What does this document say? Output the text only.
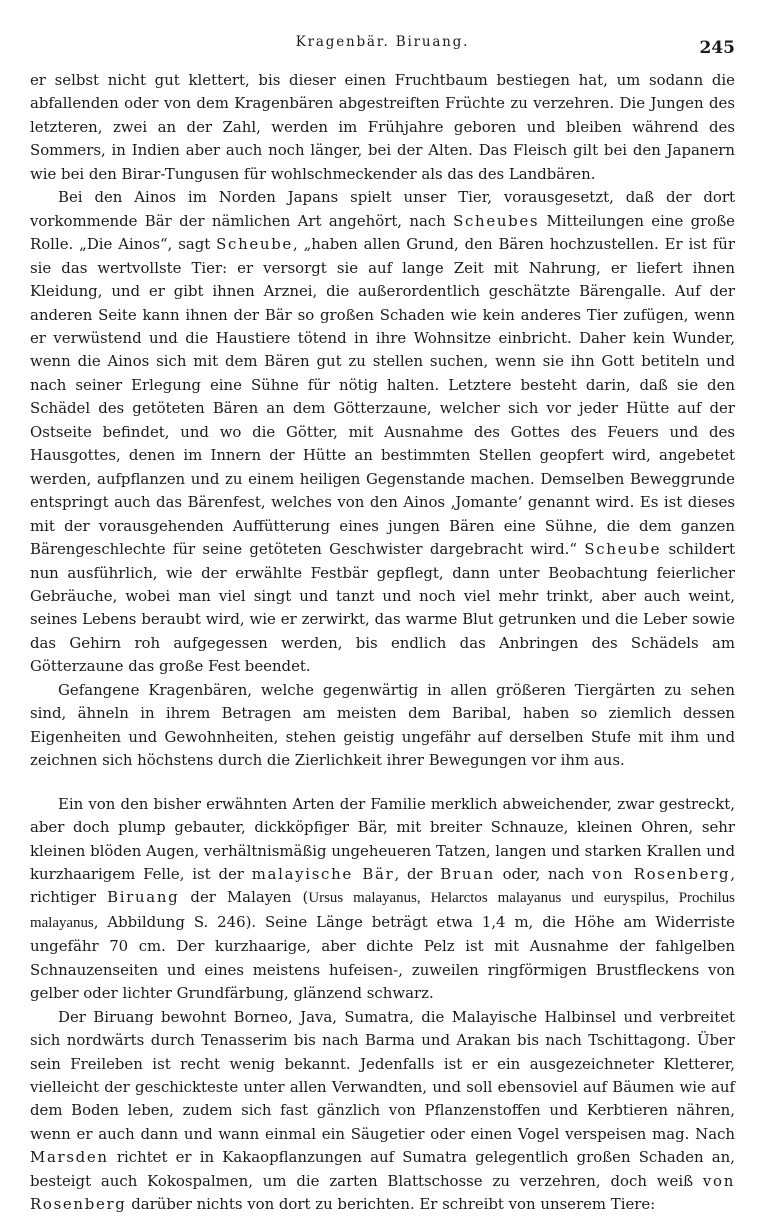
Kragenbär. Biruang.	245

er selbst nicht gut klettert, bis dieser einen Fruchtbaum bestiegen hat, um sodann die abfallenden oder von dem Kragenbären abgestreiften Früchte zu verzehren. Die Jungen des letzteren, zwei an der Zahl, werden im Frühjahre geboren und bleiben während des Sommers, in Indien aber auch noch länger, bei der Alten. Das Fleisch gilt bei den Japanern wie bei den Birar-Tungusen für wohlschmeckender als das des Landbären.

Bei den Ainos im Norden Japans spielt unser Tier, vorausgesetzt, daß der dort vorkommende Bär der nämlichen Art angehört, nach Scheubes Mitteilungen eine große Rolle. „Die Ainos“, sagt Scheube, „haben allen Grund, den Bären hochzustellen. Er ist für sie das wertvollste Tier: er versorgt sie auf lange Zeit mit Nahrung, er liefert ihnen Kleidung, und er gibt ihnen Arznei, die außerordentlich geschätzte Bärengalle. Auf der anderen Seite kann ihnen der Bär so großen Schaden wie kein anderes Tier zufügen, wenn er verwüstend und die Haustiere tötend in ihre Wohnsitze einbricht. Daher kein Wunder, wenn die Ainos sich mit dem Bären gut zu stellen suchen, wenn sie ihn Gott betiteln und nach seiner Erlegung eine Sühne für nötig halten. Letztere besteht darin, daß sie den Schädel des getöteten Bären an dem Götterzaune, welcher sich vor jeder Hütte auf der Ostseite befindet, und wo die Götter, mit Ausnahme des Gottes des Feuers und des Hausgottes, denen im Innern der Hütte an bestimmten Stellen geopfert wird, angebetet werden, aufpflanzen und zu einem heiligen Gegenstande machen. Demselben Beweggrunde entspringt auch das Bärenfest, welches von den Ainos ‚Jomante‘ genannt wird. Es ist dieses mit der vorausgehenden Auffütterung eines jungen Bären eine Sühne, die dem ganzen Bärengeschlechte für seine getöteten Geschwister dargebracht wird.“ Scheube schildert nun ausführlich, wie der erwählte Festbär gepflegt, dann unter Beobachtung feierlicher Gebräuche, wobei man viel singt und tanzt und noch viel mehr trinkt, aber auch weint, seines Lebens beraubt wird, wie er zerwirkt, das warme Blut getrunken und die Leber sowie das Gehirn roh aufgegessen werden, bis endlich das Anbringen des Schädels am Götterzaune das große Fest beendet.

Gefangene Kragenbären, welche gegenwärtig in allen größeren Tiergärten zu sehen sind, ähneln in ihrem Betragen am meisten dem Baribal, haben so ziemlich dessen Eigenheiten und Gewohnheiten, stehen geistig ungefähr auf derselben Stufe mit ihm und zeichnen sich höchstens durch die Zierlichkeit ihrer Bewegungen vor ihm aus.

Ein von den bisher erwähnten Arten der Familie merklich abweichender, zwar gestreckt, aber doch plump gebauter, dickköpfiger Bär, mit breiter Schnauze, kleinen Ohren, sehr kleinen blöden Augen, verhältnismäßig ungeheueren Tatzen, langen und starken Krallen und kurzhaarigem Felle, ist der malayische Bär, der Bruan oder, nach von Rosenberg, richtiger Biruang der Malayen (Ursus malayanus, Helarctos malayanus und euryspilus, Prochilus malayanus, Abbildung S. 246). Seine Länge beträgt etwa 1,4 m, die Höhe am Widerriste ungefähr 70 cm. Der kurzhaarige, aber dichte Pelz ist mit Ausnahme der fahlgelben Schnauzenseiten und eines meistens hufeisen-, zuweilen ringförmigen Brustfleckens von gelber oder lichter Grundfärbung, glänzend schwarz.

Der Biruang bewohnt Borneo, Java, Sumatra, die Malayische Halbinsel und verbreitet sich nordwärts durch Tenasserim bis nach Barma und Arakan bis nach Tschittagong. Über sein Freileben ist recht wenig bekannt. Jedenfalls ist er ein ausgezeichneter Kletterer, vielleicht der geschickteste unter allen Verwandten, und soll ebensoviel auf Bäumen wie auf dem Boden leben, zudem sich fast gänzlich von Pflanzenstoffen und Kerbtieren nähren, wenn er auch dann und wann einmal ein Säugetier oder einen Vogel verspeisen mag. Nach Marsden richtet er in Kakaopflanzungen auf Sumatra gelegentlich großen Schaden an, besteigt auch Kokospalmen, um die zarten Blattschosse zu verzehren, doch weiß von Rosenberg darüber nichts von dort zu berichten. Er schreibt von unserem Tiere:
